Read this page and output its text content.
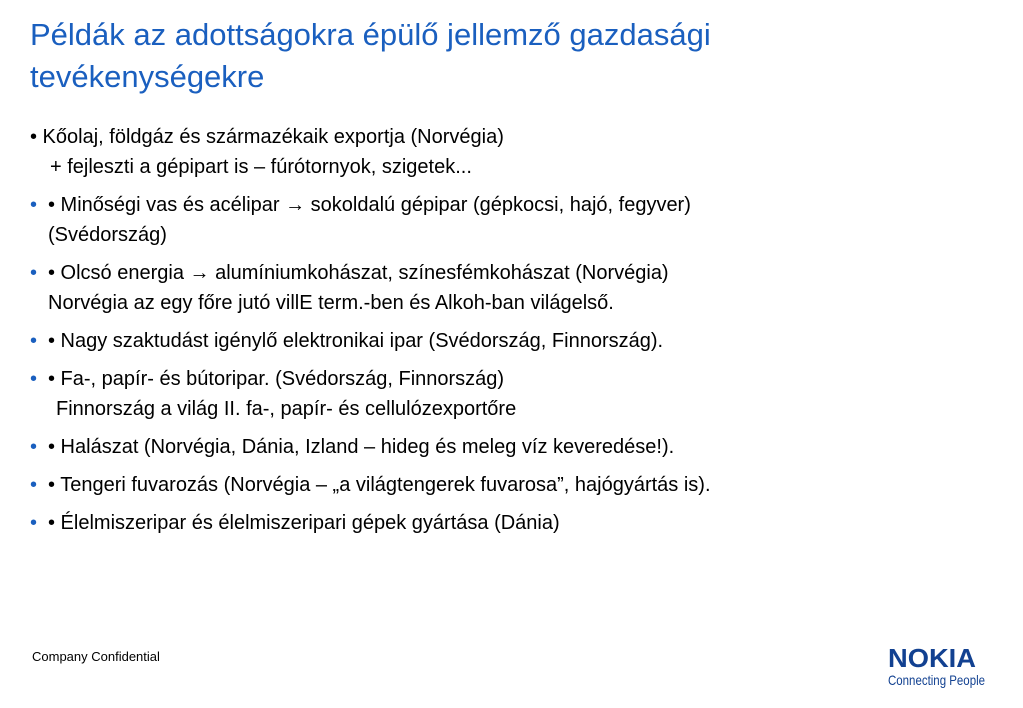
Példák az adottságokra épülő jellemző gazdasági
tevékenységekre
• Kőolaj, földgáz és származékaik exportja (Norvégia)
+ fejleszti a gépipart is – fúrótornyok, szigetek...
• • Minőségi vas és acélipar → sokoldalú gépipar (gépkocsi, hajó, fegyver)
(Svédország)
• • Olcsó energia → alumíniumkohászat, színesfémkohászat (Norvégia)
Norvégia az egy főre jutó villE term.-ben és Alkoh-ban világelső.
• • Nagy szaktudást igénylő elektronikai ipar (Svédország, Finnország).
• • Fa-, papír- és bútoripar. (Svédország, Finnország)
Finnország a világ II. fa-, papír- és cellulózexportőre
• • Halászat (Norvégia, Dánia, Izland – hideg és meleg víz keveredése!).
• • Tengeri fuvarozás (Norvégia – „a világtengerek fuvarosa”, hajógyártás is).
• • Élelmiszeripar és élelmiszeripari gépek gyártása (Dánia)
Company Confidential	NOKIA
Connecting People
